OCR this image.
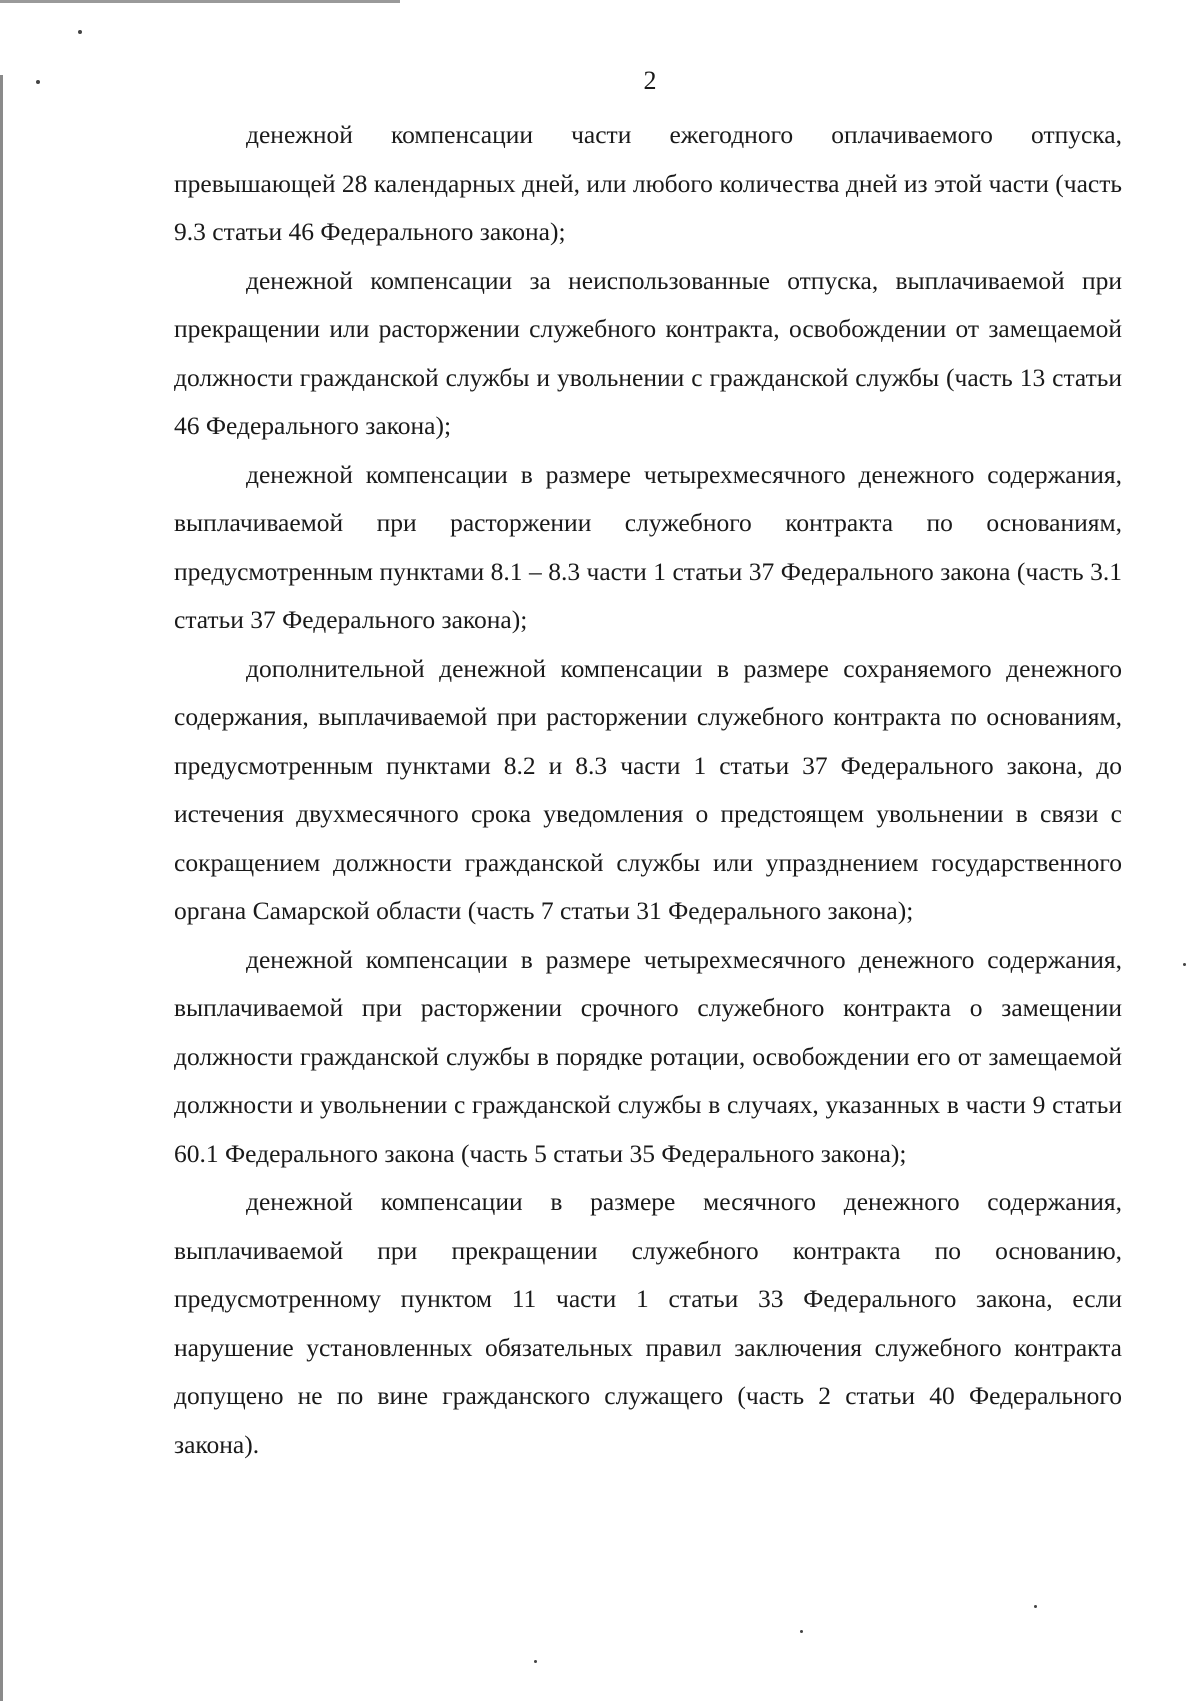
2

денежной компенсации части ежегодного оплачиваемого отпуска, превышающей 28 календарных дней, или любого количества дней из этой части (часть 9.3 статьи 46 Федерального закона);

денежной компенсации за неиспользованные отпуска, выплачиваемой при прекращении или расторжении служебного контракта, освобождении от замещаемой должности гражданской службы и увольнении с гражданской службы (часть 13 статьи 46 Федерального закона);

денежной компенсации в размере четырехмесячного денежного содержания, выплачиваемой при расторжении служебного контракта по основаниям, предусмотренным пунктами 8.1 – 8.3 части 1 статьи 37 Федерального закона (часть 3.1 статьи 37 Федерального закона);

дополнительной денежной компенсации в размере сохраняемого денежного содержания, выплачиваемой при расторжении служебного контракта по основаниям, предусмотренным пунктами 8.2 и 8.3 части 1 статьи 37 Федерального закона, до истечения двухмесячного срока уведомления о предстоящем увольнении в связи с сокращением должности гражданской службы или упразднением государственного органа Самарской области (часть 7 статьи 31 Федерального закона);

денежной компенсации в размере четырехмесячного денежного содержания, выплачиваемой при расторжении срочного служебного контракта о замещении должности гражданской службы в порядке ротации, освобождении его от замещаемой должности и увольнении с гражданской службы в случаях, указанных в части 9 статьи 60.1 Федерального закона (часть 5 статьи 35 Федерального закона);

денежной компенсации в размере месячного денежного содержания, выплачиваемой при прекращении служебного контракта по основанию, предусмотренному пунктом 11 части 1 статьи 33 Федерального закона, если нарушение установленных обязательных правил заключения служебного контракта допущено не по вине гражданского служащего (часть 2 статьи 40 Федерального закона).
